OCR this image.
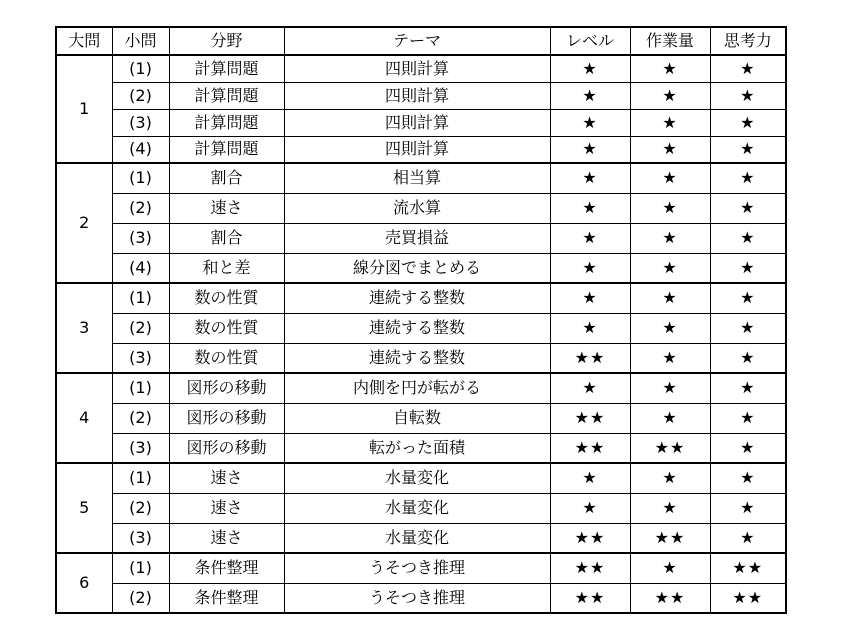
大問	小問	分野	テーマ	レベル	作業量	思考力
1	(1)	計算問題	四則計算	★	★	★
	(2)	計算問題	四則計算	★	★	★
	(3)	計算問題	四則計算	★	★	★
	(4)	計算問題	四則計算	★	★	★
2	(1)	割合	相当算	★	★	★
	(2)	速さ	流水算	★	★	★
	(3)	割合	売買損益	★	★	★
	(4)	和と差	線分図でまとめる	★	★	★
3	(1)	数の性質	連続する整数	★	★	★
	(2)	数の性質	連続する整数	★	★	★
	(3)	数の性質	連続する整数	★★	★	★
4	(1)	図形の移動	内側を円が転がる	★	★	★
	(2)	図形の移動	自転数	★★	★	★
	(3)	図形の移動	転がった面積	★★	★★	★
5	(1)	速さ	水量変化	★	★	★
	(2)	速さ	水量変化	★	★	★
	(3)	速さ	水量変化	★★	★★	★
6	(1)	条件整理	うそつき推理	★★	★	★★
	(2)	条件整理	うそつき推理	★★	★★	★★
